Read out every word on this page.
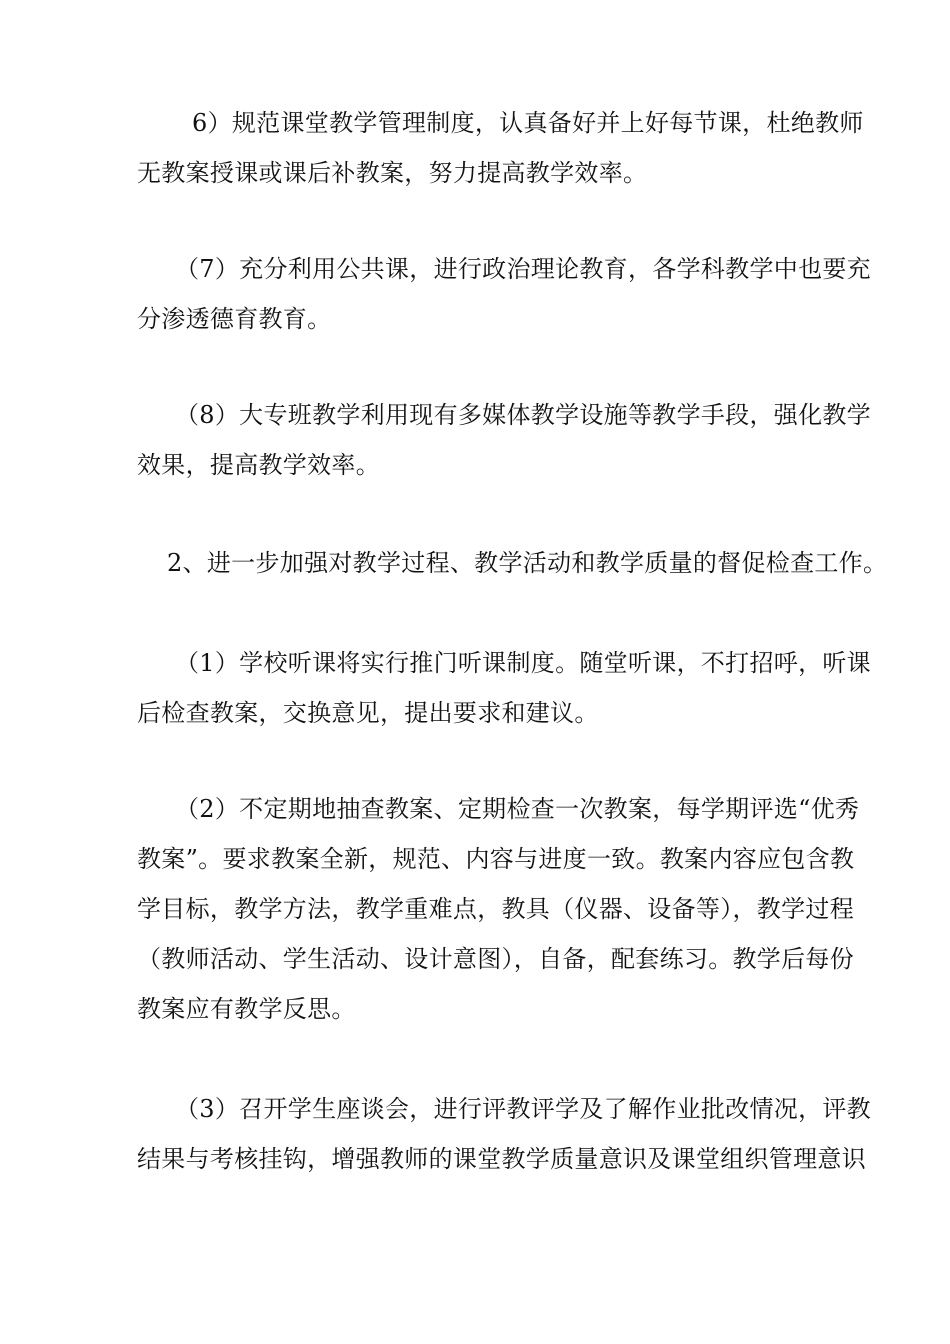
6）规范课堂教学管理制度，认真备好并上好每节课，杜绝教师
无教案授课或课后补教案，努力提高教学效率。

（7）充分利用公共课，进行政治理论教育，各学科教学中也要充
分渗透德育教育。

（8）大专班教学利用现有多媒体教学设施等教学手段，强化教学
效果，提高教学效率。

2、进一步加强对教学过程、教学活动和教学质量的督促检查工作。

（1）学校听课将实行推门听课制度。随堂听课，不打招呼，听课
后检查教案，交换意见，提出要求和建议。

（2）不定期地抽查教案、定期检查一次教案，每学期评选“优秀
教案”。要求教案全新，规范、内容与进度一致。教案内容应包含教
学目标，教学方法，教学重难点，教具（仪器、设备等），教学过程
（教师活动、学生活动、设计意图），自备，配套练习。教学后每份
教案应有教学反思。

（3）召开学生座谈会，进行评教评学及了解作业批改情况，评教
结果与考核挂钩，增强教师的课堂教学质量意识及课堂组织管理意识
